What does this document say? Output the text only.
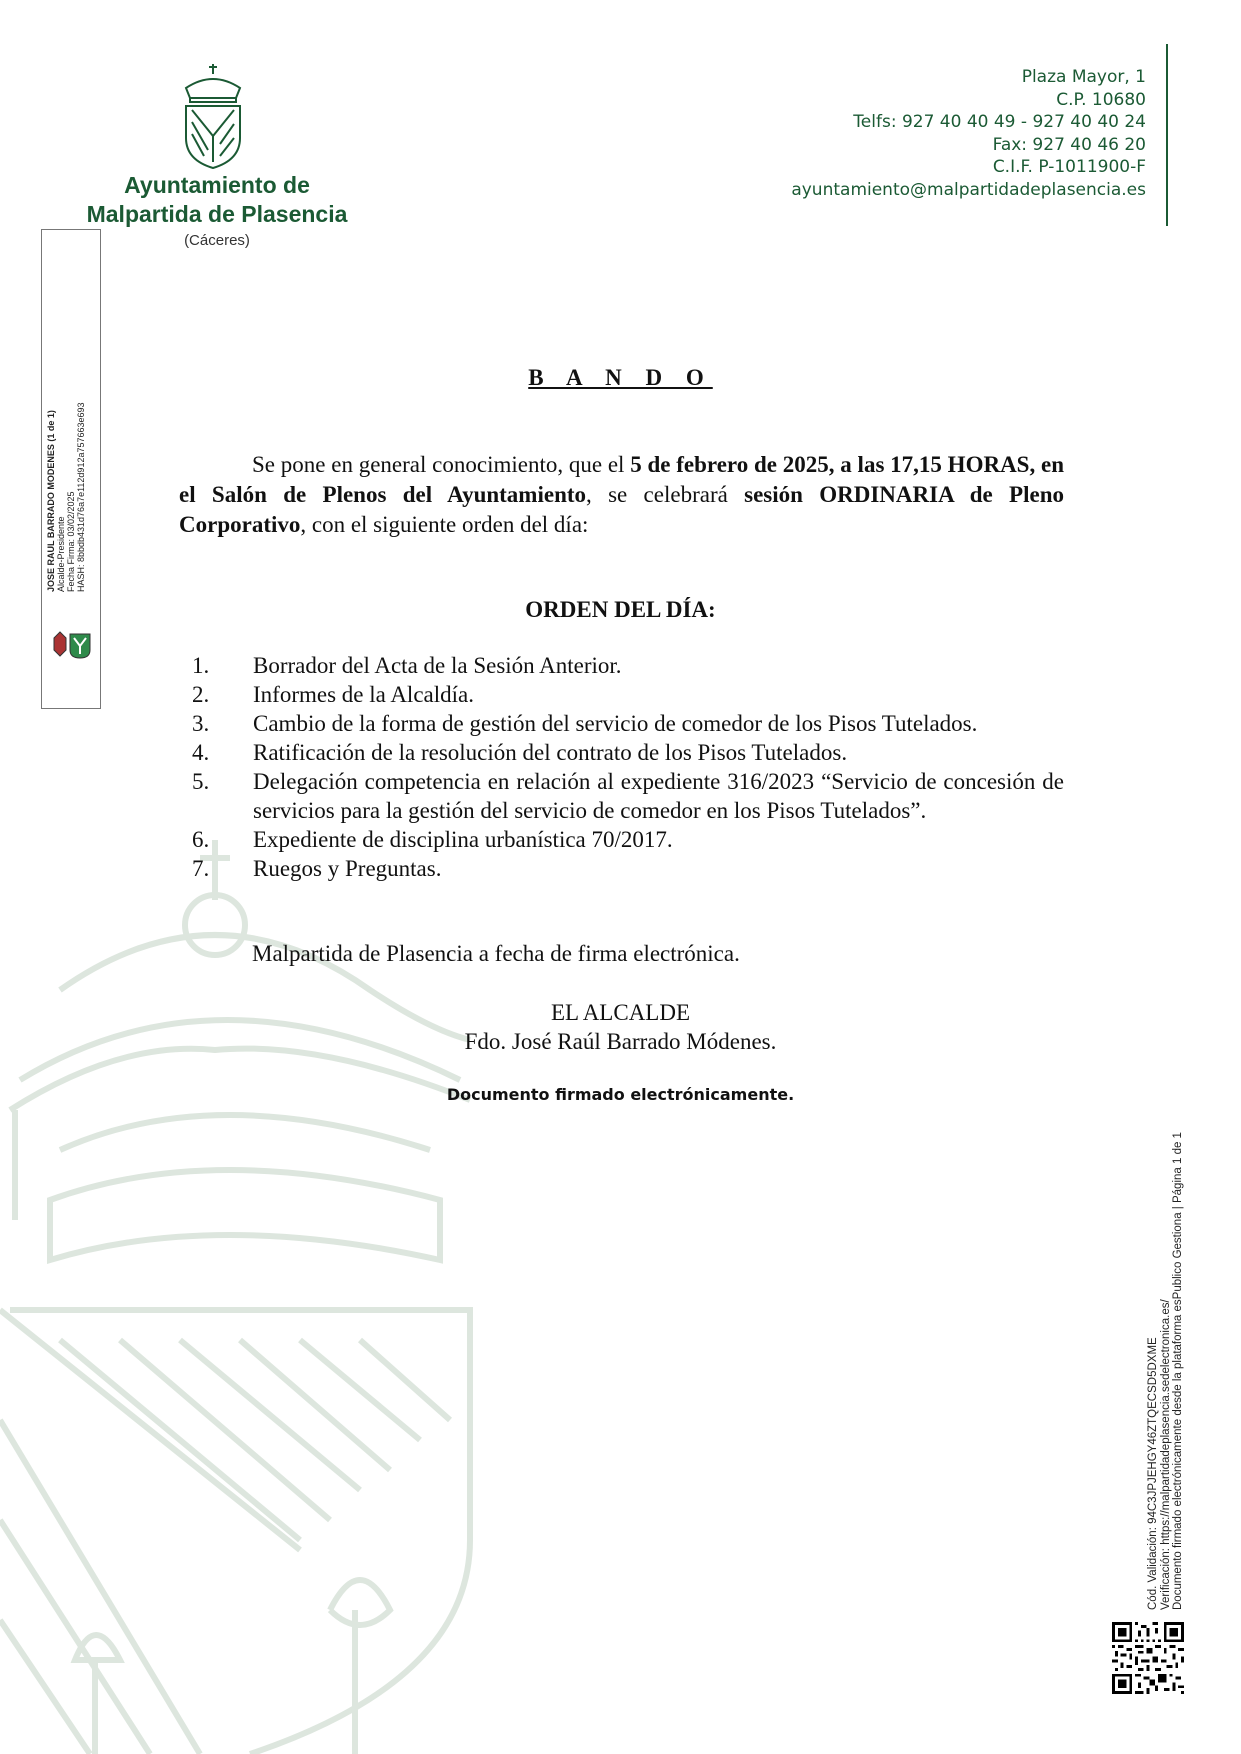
Ayuntamiento de
Malpartida de Plasencia
(Cáceres)
Plaza Mayor, 1
C.P. 10680
Telfs: 927 40 40 49 - 927 40 40 24
Fax: 927 40 46 20
C.I.F. P-1011900-F
ayuntamiento@malpartidadeplasencia.es
JOSE RAUL BARRADO MODENES (1 de 1) Alcalde-Presidente Fecha Firma: 03/02/2025 HASH: 8bbdb431d76a7e112d912a757663e693
B A N D O

Se pone en general conocimiento, que el 5 de febrero de 2025, a las 17,15 HORAS, en el Salón de Plenos del Ayuntamiento, se celebrará sesión ORDINARIA de Pleno Corporativo, con el siguiente orden del día:

ORDEN DEL DÍA:
1.	Borrador del Acta de la Sesión Anterior.
2.	Informes de la Alcaldía.
3.	Cambio de la forma de gestión del servicio de comedor de los Pisos Tutelados.
4.	Ratificación de la resolución del contrato de los Pisos Tutelados.
5.	Delegación competencia en relación al expediente 316/2023 “Servicio de concesión de servicios para la gestión del servicio de comedor en los Pisos Tutelados”.
6.	Expediente de disciplina urbanística 70/2017.
7.	Ruegos y Preguntas.
Malpartida de Plasencia a fecha de firma electrónica.
EL ALCALDE
Fdo. José Raúl Barrado Módenes.
Documento firmado electrónicamente.
Cód. Validación: 94C3JPJEHGY46ZTQECSD5DXME Verificación: https://malpartidadeplasencia.sedelectronica.es/ Documento firmado electrónicamente desde la plataforma esPublico Gestiona | Página 1 de 1
